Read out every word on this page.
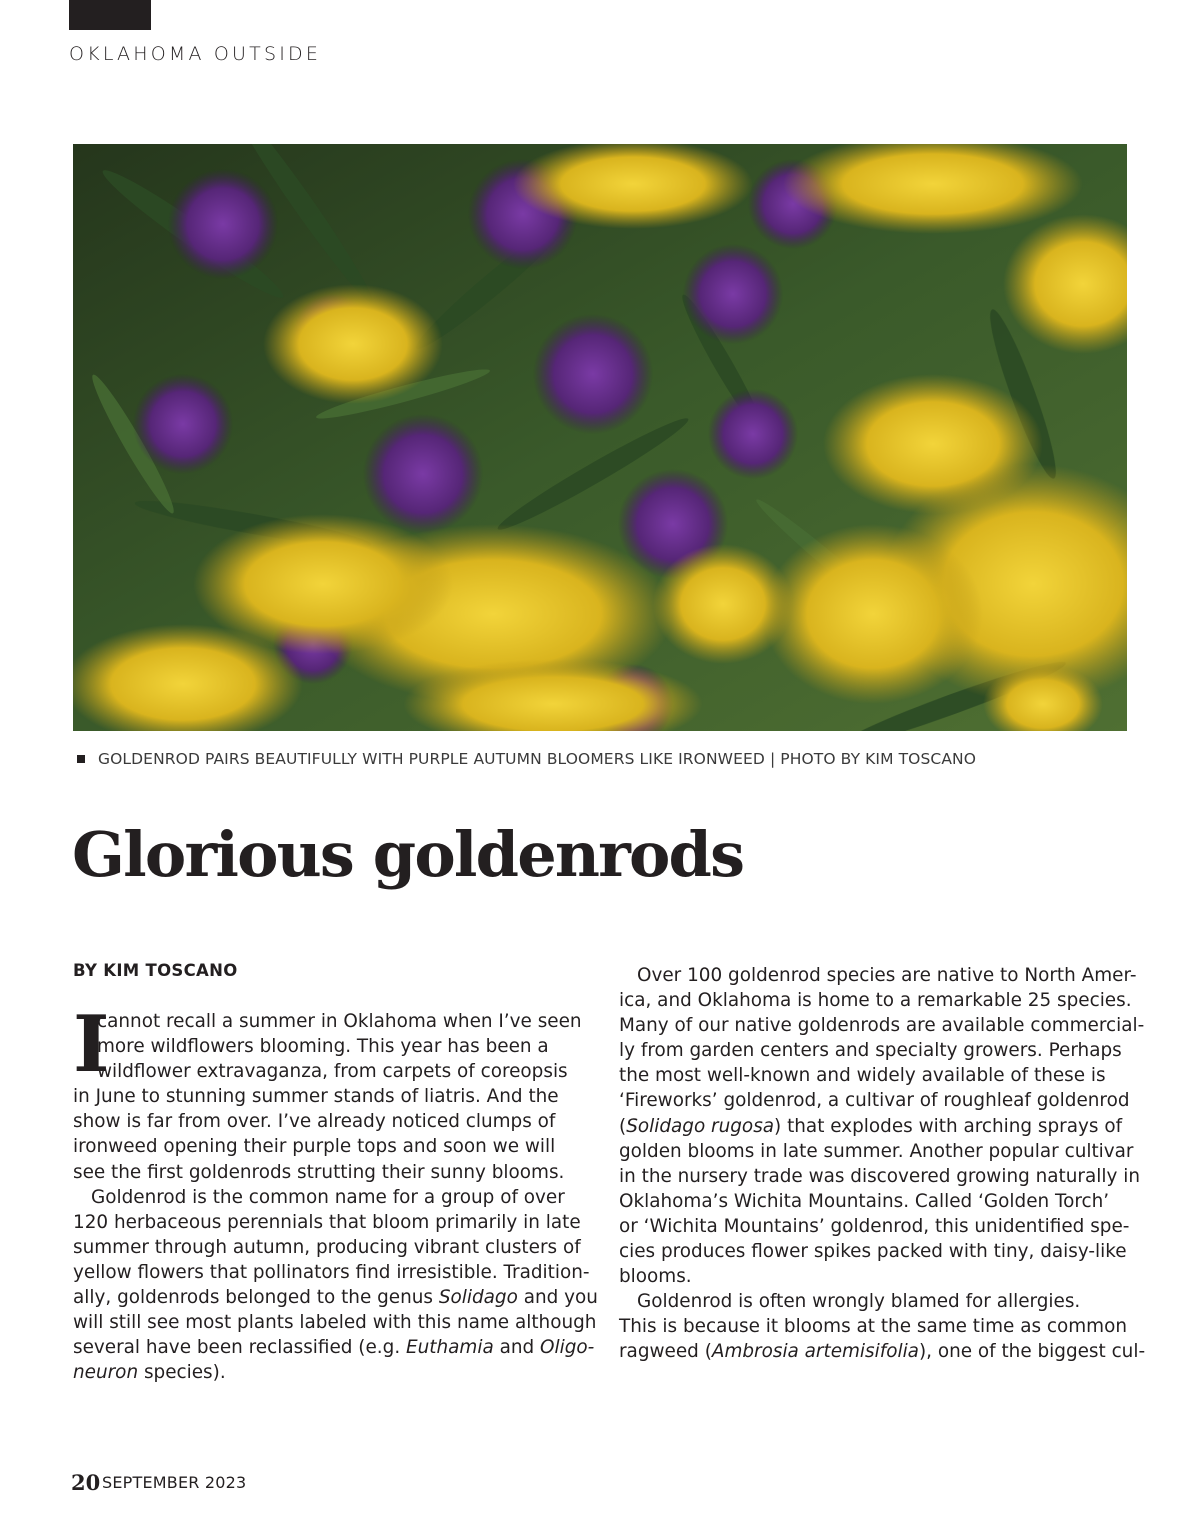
OKLAHOMA OUTSIDE
GOLDENROD PAIRS BEAUTIFULLY WITH PURPLE AUTUMN BLOOMERS LIKE IRONWEED | PHOTO BY KIM TOSCANO
Glorious goldenrods
BY KIM TOSCANO
I
cannot recall a summer in Oklahoma when I’ve seen
more wildflowers blooming. This year has been a
wildflower extravaganza, from carpets of coreopsis
in June to stunning summer stands of liatris. And the
show is far from over. I’ve already noticed clumps of
ironweed opening their purple tops and soon we will
see the first goldenrods strutting their sunny blooms.
Goldenrod is the common name for a group of over
120 herbaceous perennials that bloom primarily in late
summer through autumn, producing vibrant clusters of
yellow flowers that pollinators find irresistible. Tradition-
ally, goldenrods belonged to the genus Solidago and you
will still see most plants labeled with this name although
several have been reclassified (e.g. Euthamia and Oligo-
neuron species).
Over 100 goldenrod species are native to North Amer-
ica, and Oklahoma is home to a remarkable 25 species.
Many of our native goldenrods are available commercial-
ly from garden centers and specialty growers. Perhaps
the most well-known and widely available of these is
‘Fireworks’ goldenrod, a cultivar of roughleaf goldenrod
(Solidago rugosa) that explodes with arching sprays of
golden blooms in late summer. Another popular cultivar
in the nursery trade was discovered growing naturally in
Oklahoma’s Wichita Mountains. Called ‘Golden Torch’
or ‘Wichita Mountains’ goldenrod, this unidentified spe-
cies produces flower spikes packed with tiny, daisy-like
blooms.
Goldenrod is often wrongly blamed for allergies.
This is because it blooms at the same time as common
ragweed (Ambrosia artemisifolia), one of the biggest cul-
20 SEPTEMBER 2023
